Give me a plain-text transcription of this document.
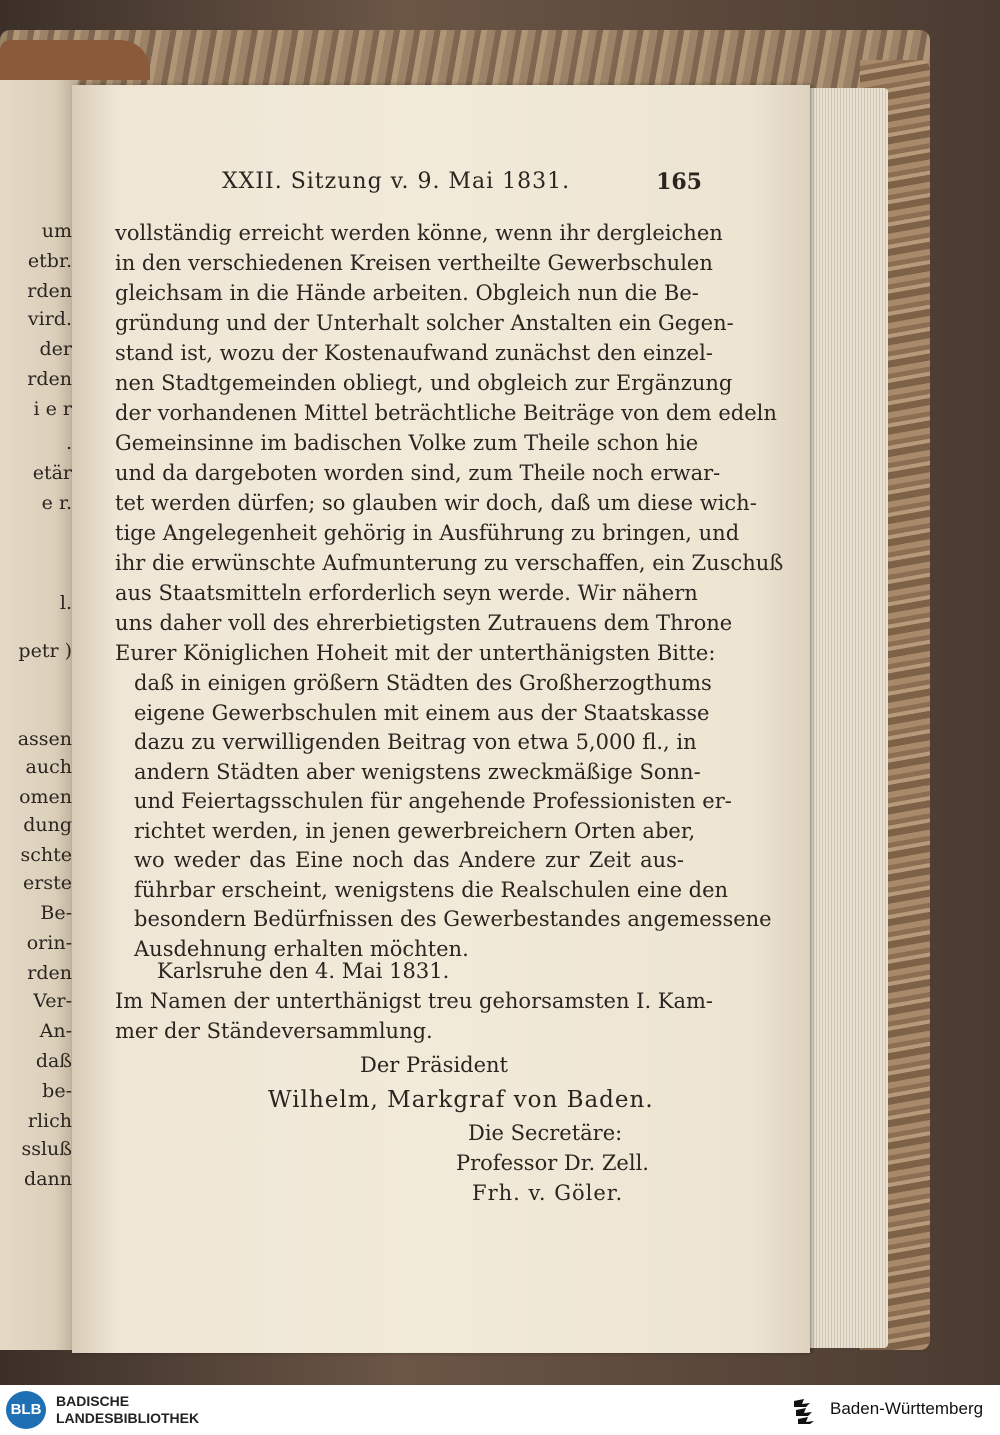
um
etbr.
rden
vird.
der
rden
i e r
.
etär
e r.
l.
petr )
assen
auch
omen
dung
schte
erste
Be-
orin-
rden
Ver-
An-
daß
be-
rlich
ssluß
dann
XXII. Sitzung v. 9. Mai 1831.	165
vollständig erreicht werden könne, wenn ihr dergleichen
in den verschiedenen Kreisen vertheilte Gewerbschulen
gleichsam in die Hände arbeiten. Obgleich nun die Be-
gründung und der Unterhalt solcher Anstalten ein Gegen-
stand ist, wozu der Kostenaufwand zunächst den einzel-
nen Stadtgemeinden obliegt, und obgleich zur Ergänzung
der vorhandenen Mittel beträchtliche Beiträge von dem edeln
Gemeinsinne im badischen Volke zum Theile schon hie
und da dargeboten worden sind, zum Theile noch erwar-
tet werden dürfen; so glauben wir doch, daß um diese wich-
tige Angelegenheit gehörig in Ausführung zu bringen, und
ihr die erwünschte Aufmunterung zu verschaffen, ein Zuschuß
aus Staatsmitteln erforderlich seyn werde. Wir nähern
uns daher voll des ehrerbietigsten Zutrauens dem Throne
Eurer Königlichen Hoheit mit der unterthänigsten Bitte:
daß in einigen größern Städten des Großherzogthums
eigene Gewerbschulen mit einem aus der Staatskasse
dazu zu verwilligenden Beitrag von etwa 5,000 fl., in
andern Städten aber wenigstens zweckmäßige Sonn-
und Feiertagsschulen für angehende Professionisten er-
richtet werden, in jenen gewerbreichern Orten aber,
wo weder das Eine noch das Andere zur Zeit aus-
führbar erscheint, wenigstens die Realschulen eine den
besondern Bedürfnissen des Gewerbestandes angemessene
Ausdehnung erhalten möchten.
Karlsruhe den 4. Mai 1831.
Im Namen der unterthänigst treu gehorsamsten I. Kam-
mer der Ständeversammlung.
Der Präsident
Wilhelm, Markgraf von Baden.
Die Secretäre:
Professor Dr. Zell.
Frh. v. Göler.
BLB	BADISCHE
LANDESBIBLIOTHEK	Baden-Württemberg
